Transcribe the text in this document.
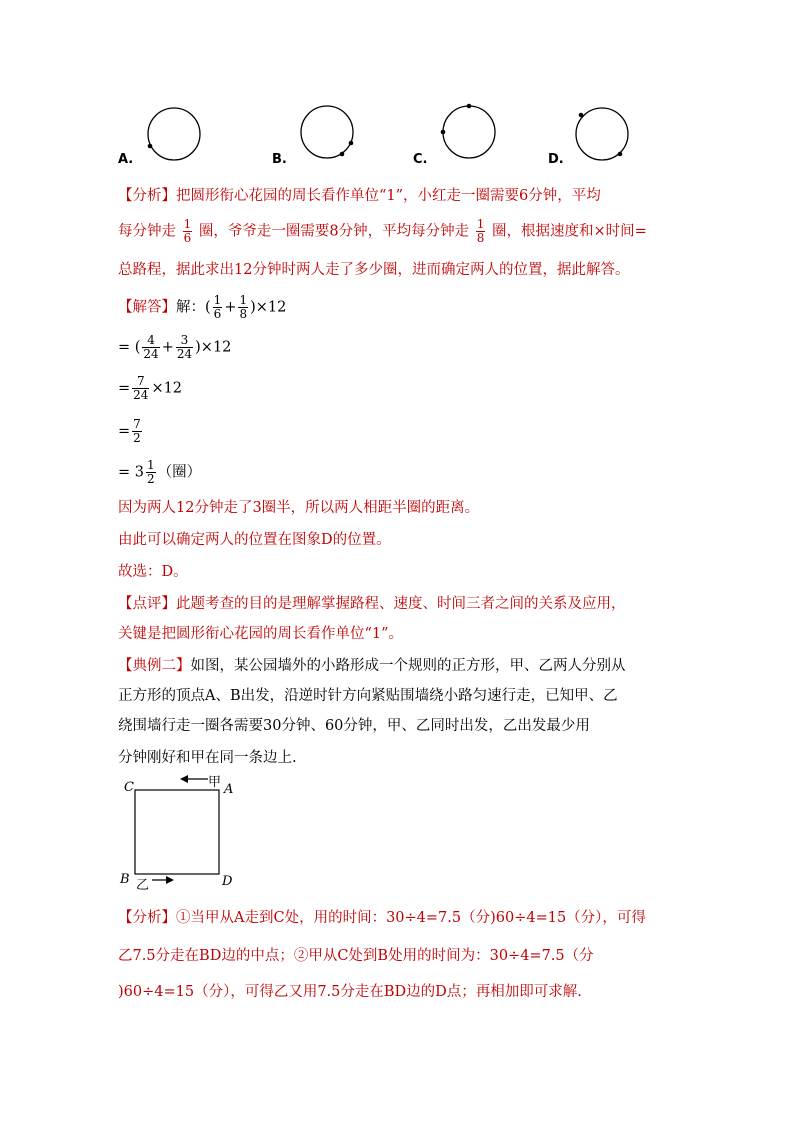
A.	B.	C.	D.
【分析】把圆形衔心花园的周长看作单位“1”，小红走一圈需要6分钟，平均
每分钟走 $\frac{1}{6}$ 圈，爷爷走一圈需要8分钟，平均每分钟走 $\frac{1}{8}$ 圈，根据速度和×时间=
总路程，据此求出12分钟时两人走了多少圈，进而确定两人的位置，据此解答。
【解答】解：( $\frac{1}{6} + \frac{1}{8} )\times 12$
= ( $\frac{4}{24} + \frac{3}{24} )\times 12$
= $\frac{7}{24} \times 12$
= $\frac{7}{2}$
= $3 \frac{1}{2}$ （圈）
因为两人12分钟走了3圈半，所以两人相距半圈的距离。
由此可以确定两人的位置在图象D的位置。
故选：D。
【点评】此题考查的目的是理解掌握路程、速度、时间三者之间的关系及应用，
关键是把圆形衔心花园的周长看作单位“1”。
【典例二】如图，某公园墙外的小路形成一个规则的正方形，甲、乙两人分别从
正方形的顶点A、B出发，沿逆时针方向紧贴围墙绕小路匀速行走，已知甲、乙
绕围墙行走一圈各需要30分钟、60分钟，甲、乙同时出发，乙出发最少用
分钟刚好和甲在同一条边上.
C	A
B	D
甲
乙
【分析】①当甲从A走到C处，用的时间：30÷4=7.5（分)60÷4=15（分），可得
乙7.5分走在BD边的中点；②甲从C处到B处用的时间为：30÷4=7.5（分
)60÷4=15（分），可得乙又用7.5分走在BD边的D点；再相加即可求解.
